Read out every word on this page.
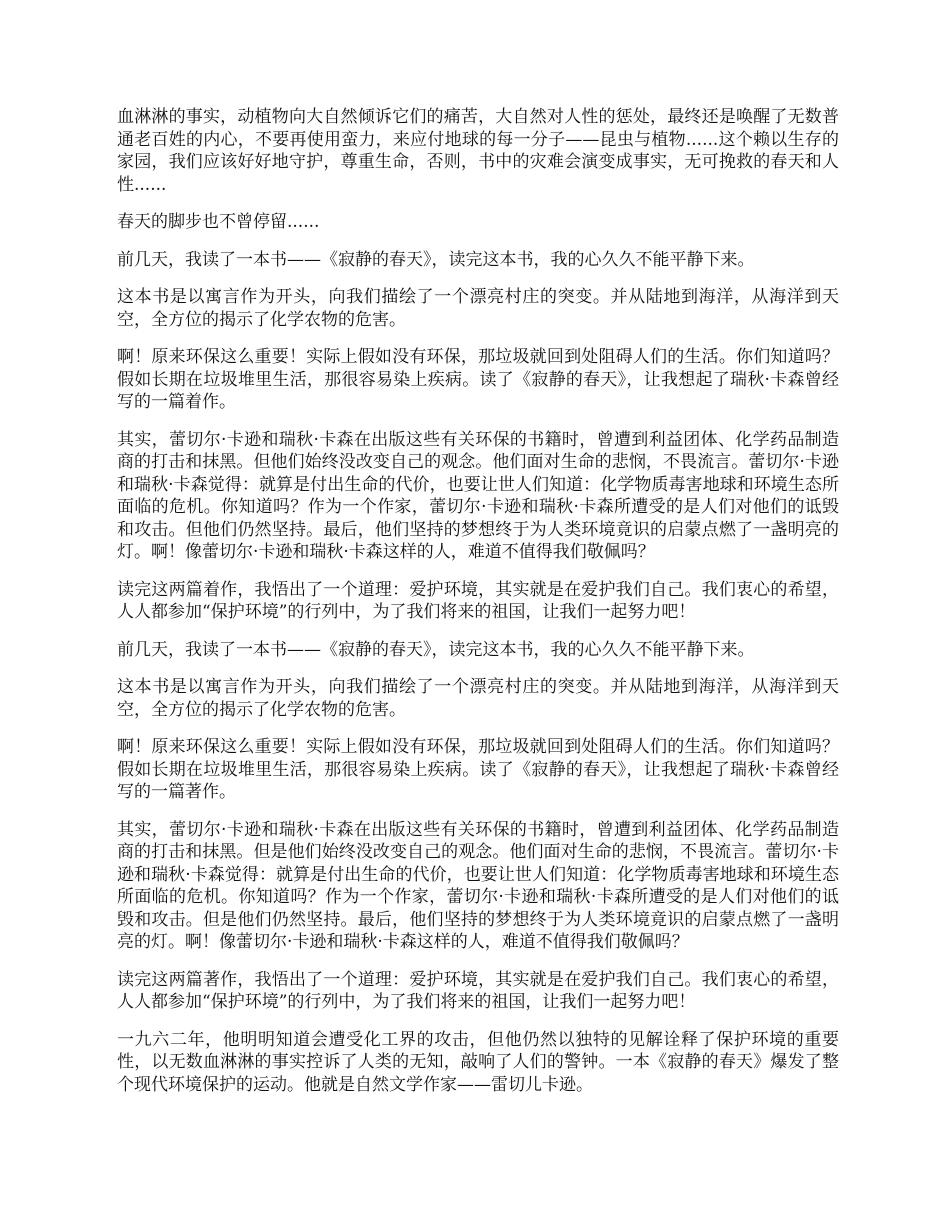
血淋淋的事实，动植物向大自然倾诉它们的痛苦，大自然对人性的惩处，最终还是唤醒了无数普通老百姓的内心，不要再使用蛮力，来应付地球的每一分子——昆虫与植物......这个赖以生存的家园，我们应该好好地守护，尊重生命，否则，书中的灾难会演变成事实，无可挽救的春天和人性......

春天的脚步也不曾停留......

前几天，我读了一本书——《寂静的春天》，读完这本书，我的心久久不能平静下来。

这本书是以寓言作为开头，向我们描绘了一个漂亮村庄的突变。并从陆地到海洋，从海洋到天空，全方位的揭示了化学农物的危害。

啊！原来环保这么重要！实际上假如没有环保，那垃圾就回到处阻碍人们的生活。你们知道吗？假如长期在垃圾堆里生活，那很容易染上疾病。读了《寂静的春天》，让我想起了瑞秋·卡森曾经写的一篇着作。

其实，蕾切尔·卡逊和瑞秋·卡森在出版这些有关环保的书籍时，曾遭到利益团体、化学药品制造商的打击和抹黑。但他们始终没改变自己的观念。他们面对生命的悲悯，不畏流言。蕾切尔·卡逊和瑞秋·卡森觉得：就算是付出生命的代价，也要让世人们知道：化学物质毒害地球和环境生态所面临的危机。你知道吗？作为一个作家，蕾切尔·卡逊和瑞秋·卡森所遭受的是人们对他们的诋毁和攻击。但他们仍然坚持。最后，他们坚持的梦想终于为人类环境竟识的启蒙点燃了一盏明亮的灯。啊！像蕾切尔·卡逊和瑞秋·卡森这样的人，难道不值得我们敬佩吗？

读完这两篇着作，我悟出了一个道理：爱护环境，其实就是在爱护我们自己。我们衷心的希望，人人都参加“保护环境”的行列中，为了我们将来的祖国，让我们一起努力吧！

前几天，我读了一本书——《寂静的春天》，读完这本书，我的心久久不能平静下来。

这本书是以寓言作为开头，向我们描绘了一个漂亮村庄的突变。并从陆地到海洋，从海洋到天空，全方位的揭示了化学农物的危害。

啊！原来环保这么重要！实际上假如没有环保，那垃圾就回到处阻碍人们的生活。你们知道吗？假如长期在垃圾堆里生活，那很容易染上疾病。读了《寂静的春天》，让我想起了瑞秋·卡森曾经写的一篇著作。

其实，蕾切尔·卡逊和瑞秋·卡森在出版这些有关环保的书籍时，曾遭到利益团体、化学药品制造商的打击和抹黑。但是他们始终没改变自己的观念。他们面对生命的悲悯，不畏流言。蕾切尔·卡逊和瑞秋·卡森觉得：就算是付出生命的代价，也要让世人们知道：化学物质毒害地球和环境生态所面临的危机。你知道吗？作为一个作家，蕾切尔·卡逊和瑞秋·卡森所遭受的是人们对他们的诋毁和攻击。但是他们仍然坚持。最后，他们坚持的梦想终于为人类环境竟识的启蒙点燃了一盏明亮的灯。啊！像蕾切尔·卡逊和瑞秋·卡森这样的人，难道不值得我们敬佩吗？

读完这两篇著作，我悟出了一个道理：爱护环境，其实就是在爱护我们自己。我们衷心的希望，人人都参加“保护环境”的行列中，为了我们将来的祖国，让我们一起努力吧！

一九六二年，他明明知道会遭受化工界的攻击，但他仍然以独特的见解诠释了保护环境的重要性，以无数血淋淋的事实控诉了人类的无知，敲响了人们的警钟。一本《寂静的春天》爆发了整个现代环境保护的运动。他就是自然文学作家——雷切儿卡逊。
